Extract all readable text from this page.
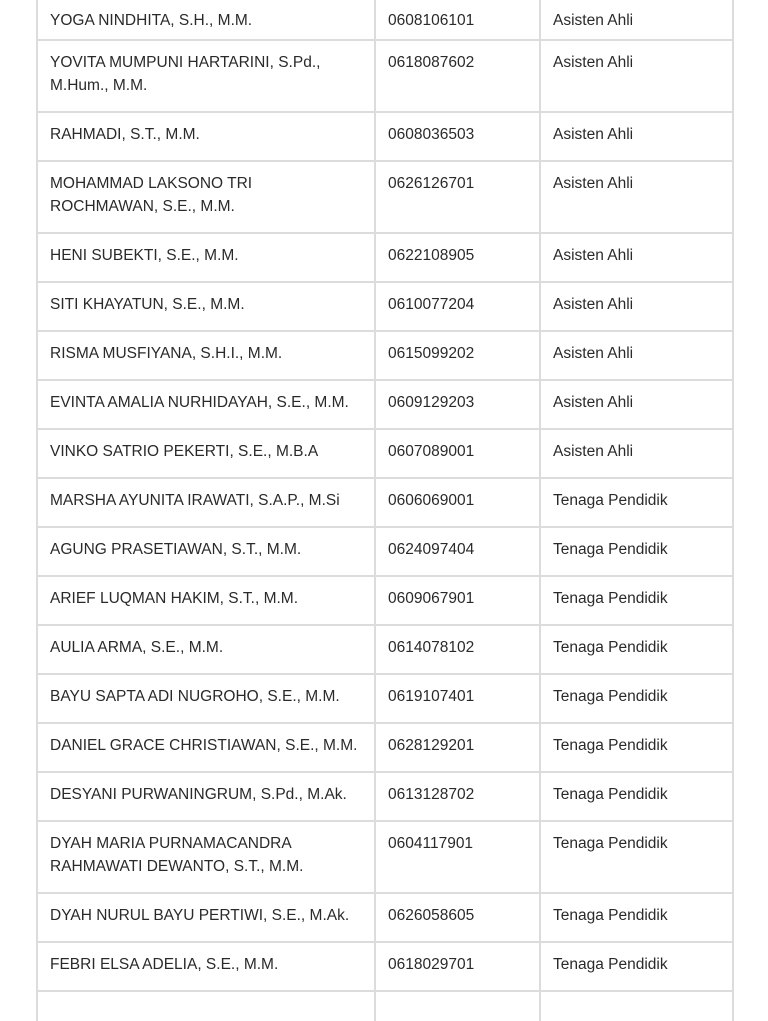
YOGA NINDHITA, S.H., M.M.	0608106101	Asisten Ahli
YOVITA MUMPUNI HARTARINI, S.Pd., M.Hum., M.M.	0618087602	Asisten Ahli
RAHMADI, S.T., M.M.	0608036503	Asisten Ahli
MOHAMMAD LAKSONO TRI ROCHMAWAN, S.E., M.M.	0626126701	Asisten Ahli
HENI SUBEKTI, S.E., M.M.	0622108905	Asisten Ahli
SITI KHAYATUN, S.E., M.M.	0610077204	Asisten Ahli
RISMA MUSFIYANA, S.H.I., M.M.	0615099202	Asisten Ahli
EVINTA AMALIA NURHIDAYAH, S.E., M.M.	0609129203	Asisten Ahli
VINKO SATRIO PEKERTI, S.E., M.B.A	0607089001	Asisten Ahli
MARSHA AYUNITA IRAWATI, S.A.P., M.Si	0606069001	Tenaga Pendidik
AGUNG PRASETIAWAN, S.T., M.M.	0624097404	Tenaga Pendidik
ARIEF LUQMAN HAKIM, S.T., M.M.	0609067901	Tenaga Pendidik
AULIA ARMA, S.E., M.M.	0614078102	Tenaga Pendidik
BAYU SAPTA ADI NUGROHO, S.E., M.M.	0619107401	Tenaga Pendidik
DANIEL GRACE CHRISTIAWAN, S.E., M.M.	0628129201	Tenaga Pendidik
DESYANI PURWANINGRUM, S.Pd., M.Ak.	0613128702	Tenaga Pendidik
DYAH MARIA PURNAMACANDRA RAHMAWATI DEWANTO, S.T., M.M.	0604117901	Tenaga Pendidik
DYAH NURUL BAYU PERTIWI, S.E., M.Ak.	0626058605	Tenaga Pendidik
FEBRI ELSA ADELIA, S.E., M.M.	0618029701	Tenaga Pendidik
